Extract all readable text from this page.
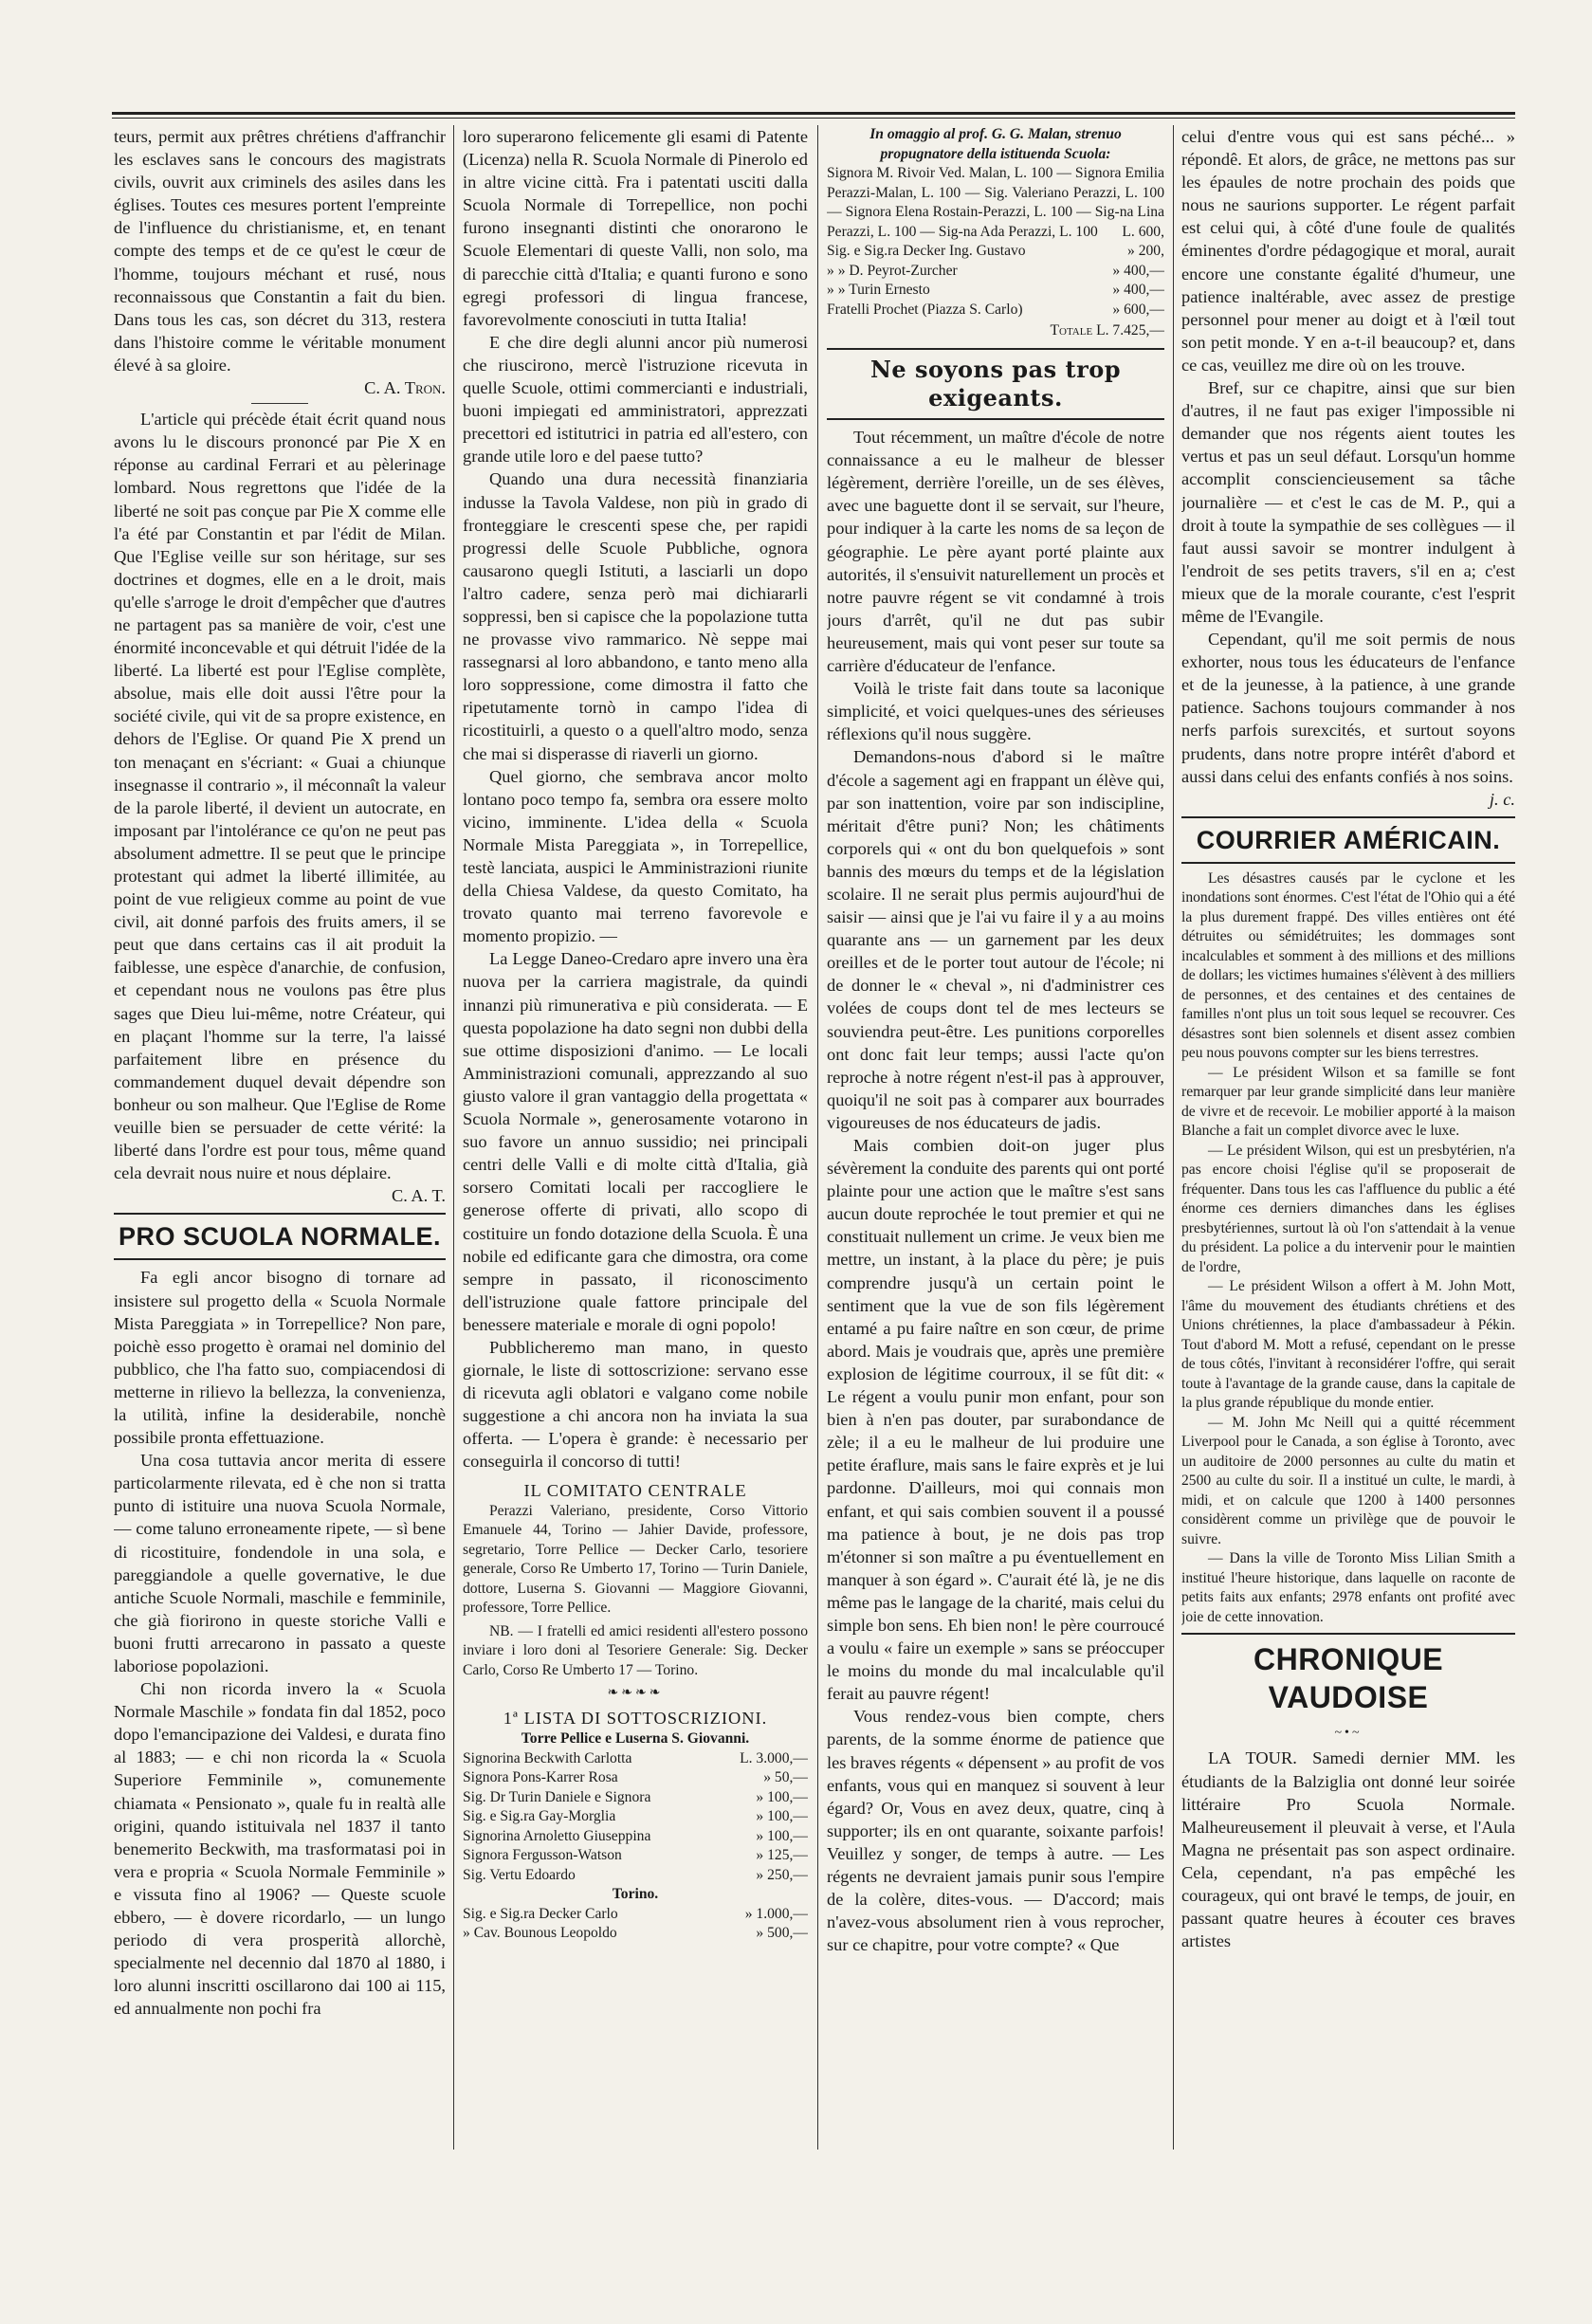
teurs, permit aux prêtres chrétiens d'affranchir les esclaves sans le concours des magistrats civils, ouvrit aux criminels des asiles dans les églises. Toutes ces mesures portent l'empreinte de l'influence du christianisme, et, en tenant compte des temps et de ce qu'est le cœur de l'homme, toujours méchant et rusé, nous reconnaissous que Constantin a fait du bien. Dans tous les cas, son décret du 313, restera dans l'histoire comme le véritable monument élevé à sa gloire.

C. A. Tron.

L'article qui précède était écrit quand nous avons lu le discours prononcé par Pie X en réponse au cardinal Ferrari et au pèlerinage lombard. Nous regrettons que l'idée de la liberté ne soit pas conçue par Pie X comme elle l'a été par Constantin et par l'édit de Milan. Que l'Eglise veille sur son héritage, sur ses doctrines et dogmes, elle en a le droit, mais qu'elle s'arroge le droit d'empêcher que d'autres ne partagent pas sa manière de voir, c'est une énormité inconcevable et qui détruit l'idée de la liberté. La liberté est pour l'Eglise complète, absolue, mais elle doit aussi l'être pour la société civile, qui vit de sa propre existence, en dehors de l'Eglise. Or quand Pie X prend un ton menaçant en s'écriant: « Guai a chiunque insegnasse il contrario », il méconnaît la valeur de la parole liberté, il devient un autocrate, en imposant par l'intolérance ce qu'on ne peut pas absolument admettre. Il se peut que le principe protestant qui admet la liberté illimitée, au point de vue religieux comme au point de vue civil, ait donné parfois des fruits amers, il se peut que dans certains cas il ait produit la faiblesse, une espèce d'anarchie, de confusion, et cependant nous ne voulons pas être plus sages que Dieu lui-même, notre Créateur, qui en plaçant l'homme sur la terre, l'a laissé parfaitement libre en présence du commandement duquel devait dépendre son bonheur ou son malheur. Que l'Eglise de Rome veuille bien se persuader de cette vérité: la liberté dans l'ordre est pour tous, même quand cela devrait nous nuire et nous déplaire.

C. A. T.

PRO SCUOLA NORMALE.

Fa egli ancor bisogno di tornare ad insistere sul progetto della « Scuola Normale Mista Pareggiata » in Torrepellice? Non pare, poichè esso progetto è oramai nel dominio del pubblico, che l'ha fatto suo, compiacendosi di metterne in rilievo la bellezza, la convenienza, la utilità, infine la desiderabile, nonchè possibile pronta effettuazione.

Una cosa tuttavia ancor merita di essere particolarmente rilevata, ed è che non si tratta punto di istituire una nuova Scuola Normale, — come taluno erroneamente ripete, — sì bene di ricostituire, fondendole in una sola, e pareggiandole a quelle governative, le due antiche Scuole Normali, maschile e femminile, che già fiorirono in queste storiche Valli e buoni frutti arrecarono in passato a queste laboriose popolazioni.

Chi non ricorda invero la « Scuola Normale Maschile » fondata fin dal 1852, poco dopo l'emancipazione dei Valdesi, e durata fino al 1883; — e chi non ricorda la « Scuola Superiore Femminile », comunemente chiamata « Pensionato », quale fu in realtà alle origini, quando istituivala nel 1837 il tanto benemerito Beckwith, ma trasformatasi poi in vera e propria « Scuola Normale Femminile » e vissuta fino al 1906? — Queste scuole ebbero, — è dovere ricordarlo, — un lungo periodo di vera prosperità allorchè, specialmente nel decennio dal 1870 al 1880, i loro alunni inscritti oscillarono dai 100 ai 115, ed annualmente non pochi fra

loro superarono felicemente gli esami di Patente (Licenza) nella R. Scuola Normale di Pinerolo ed in altre vicine città. Fra i patentati usciti dalla Scuola Normale di Torrepellice, non pochi furono insegnanti distinti che onorarono le Scuole Elementari di queste Valli, non solo, ma di parecchie città d'Italia; e quanti furono e sono egregi professori di lingua francese, favorevolmente conosciuti in tutta Italia!

E che dire degli alunni ancor più numerosi che riuscirono, mercè l'istruzione ricevuta in quelle Scuole, ottimi commercianti e industriali, buoni impiegati ed amministratori, apprezzati precettori ed istitutrici in patria ed all'estero, con grande utile loro e del paese tutto?

Quando una dura necessità finanziaria indusse la Tavola Valdese, non più in grado di fronteggiare le crescenti spese che, per rapidi progressi delle Scuole Pubbliche, ognora causarono quegli Istituti, a lasciarli un dopo l'altro cadere, senza però mai dichiararli soppressi, ben si capisce che la popolazione tutta ne provasse vivo rammarico. Nè seppe mai rassegnarsi al loro abbandono, e tanto meno alla loro soppressione, come dimostra il fatto che ripetutamente tornò in campo l'idea di ricostituirli, a questo o a quell'altro modo, senza che mai si disperasse di riaverli un giorno.

Quel giorno, che sembrava ancor molto lontano poco tempo fa, sembra ora essere molto vicino, imminente. L'idea della « Scuola Normale Mista Pareggiata », in Torrepellice, testè lanciata, auspici le Amministrazioni riunite della Chiesa Valdese, da questo Comitato, ha trovato quanto mai terreno favorevole e momento propizio. —

La Legge Daneo-Credaro apre invero una èra nuova per la carriera magistrale, da quindi innanzi più rimunerativa e più considerata. — E questa popolazione ha dato segni non dubbi della sue ottime disposizioni d'animo. — Le locali Amministrazioni comunali, apprezzando al suo giusto valore il gran vantaggio della progettata « Scuola Normale », generosamente votarono in suo favore un annuo sussidio; nei principali centri delle Valli e di molte città d'Italia, già sorsero Comitati locali per raccogliere le generose offerte di privati, allo scopo di costituire un fondo dotazione della Scuola. È una nobile ed edificante gara che dimostra, ora come sempre in passato, il riconoscimento dell'istruzione quale fattore principale del benessere materiale e morale di ogni popolo!

Pubblicheremo man mano, in questo giornale, le liste di sottoscrizione: servano esse di ricevuta agli oblatori e valgano come nobile suggestione a chi ancora non ha inviata la sua offerta. — L'opera è grande: è necessario per conseguirla il concorso di tutti!

IL COMITATO CENTRALE

Perazzi Valeriano, presidente, Corso Vittorio Emanuele 44, Torino — Jahier Davide, professore, segretario, Torre Pellice — Decker Carlo, tesoriere generale, Corso Re Umberto 17, Torino — Turin Daniele, dottore, Luserna S. Giovanni — Maggiore Giovanni, professore, Torre Pellice.

NB. — I fratelli ed amici residenti all'estero possono inviare i loro doni al Tesoriere Generale: Sig. Decker Carlo, Corso Re Umberto 17 — Torino.

❧❧❧❧

1ª LISTA DI SOTTOSCRIZIONI.

Torre Pellice e Luserna S. Giovanni.

Signorina Beckwith Carlotta	L. 3.000,—
Signora Pons-Karrer Rosa	» 50,—
Sig. Dr Turin Daniele e Signora	» 100,—
Sig. e Sig.ra Gay-Morglia	» 100,—
Signorina Arnoletto Giuseppina	» 100,—
Signora Fergusson-Watson	» 125,—
Sig. Vertu Edoardo	» 250,—

Torino.

Sig. e Sig.ra Decker Carlo	» 1.000,—
» Cav. Bounous Leopoldo	» 500,—

In omaggio al prof. G. G. Malan, strenuo propugnatore della istituenda Scuola:

Signora M. Rivoir Ved. Malan, L. 100 — Signora Emilia Perazzi-Malan, L. 100 — Sig. Valeriano Perazzi, L. 100 — Signora Elena Rostain-Perazzi, L. 100 — Sig-na Lina Perazzi, L. 100 — Sig-na Ada Perazzi, L. 100 L. 600,

Sig. e Sig.ra Decker Ing. Gustavo	» 200,
» » D. Peyrot-Zurcher	» 400,—
» » Turin Ernesto	» 400,—
Fratelli Prochet (Piazza S. Carlo)	» 600,—
Totale L. 7.425,—
Ne soyons pas trop exigeants.

Tout récemment, un maître d'école de notre connaissance a eu le malheur de blesser légèrement, derrière l'oreille, un de ses élèves, avec une baguette dont il se servait, sur l'heure, pour indiquer à la carte les noms de sa leçon de géographie. Le père ayant porté plainte aux autorités, il s'ensuivit naturellement un procès et notre pauvre régent se vit condamné à trois jours d'arrêt, qu'il ne dut pas subir heureusement, mais qui vont peser sur toute sa carrière d'éducateur de l'enfance.

Voilà le triste fait dans toute sa laconique simplicité, et voici quelques-unes des sérieuses réflexions qu'il nous suggère.

Demandons-nous d'abord si le maître d'école a sagement agi en frappant un élève qui, par son inattention, voire par son indiscipline, méritait d'être puni? Non; les châtiments corporels qui « ont du bon quelquefois » sont bannis des mœurs du temps et de la législation scolaire. Il ne serait plus permis aujourd'hui de saisir — ainsi que je l'ai vu faire il y a au moins quarante ans — un garnement par les deux oreilles et de le porter tout autour de l'école; ni de donner le « cheval », ni d'administrer ces volées de coups dont tel de mes lecteurs se souviendra peut-être. Les punitions corporelles ont donc fait leur temps; aussi l'acte qu'on reproche à notre régent n'est-il pas à approuver, quoiqu'il ne soit pas à comparer aux bourrades vigoureuses de nos éducateurs de jadis.

Mais combien doit-on juger plus sévèrement la conduite des parents qui ont porté plainte pour une action que le maître s'est sans aucun doute reprochée le tout premier et qui ne constituait nullement un crime. Je veux bien me mettre, un instant, à la place du père; je puis comprendre jusqu'à un certain point le sentiment que la vue de son fils légèrement entamé a pu faire naître en son cœur, de prime abord. Mais je voudrais que, après une première explosion de légitime courroux, il se fût dit: « Le régent a voulu punir mon enfant, pour son bien à n'en pas douter, par surabondance de zèle; il a eu le malheur de lui produire une petite éraflure, mais sans le faire exprès et je lui pardonne. D'ailleurs, moi qui connais mon enfant, et qui sais combien souvent il a poussé ma patience à bout, je ne dois pas trop m'étonner si son maître a pu éventuellement en manquer à son égard ». C'aurait été là, je ne dis même pas le langage de la charité, mais celui du simple bon sens. Eh bien non! le père courroucé a voulu « faire un exemple » sans se préoccuper le moins du monde du mal incalculable qu'il ferait au pauvre régent!

Vous rendez-vous bien compte, chers parents, de la somme énorme de patience que les braves régents « dépensent » au profit de vos enfants, vous qui en manquez si souvent à leur égard? Or, Vous en avez deux, quatre, cinq à supporter; ils en ont quarante, soixante parfois! Veuillez y songer, de temps à autre. — Les régents ne devraient jamais punir sous l'empire de la colère, dites-vous. — D'accord; mais n'avez-vous absolument rien à vous reprocher, sur ce chapitre, pour votre compte? « Que

celui d'entre vous qui est sans péché... » répondê. Et alors, de grâce, ne mettons pas sur les épaules de notre prochain des poids que nous ne saurions supporter. Le régent parfait est celui qui, à côté d'une foule de qualités éminentes d'ordre pédagogique et moral, aurait encore une constante égalité d'humeur, une patience inaltérable, avec assez de prestige personnel pour mener au doigt et à l'œil tout son petit monde. Y en a-t-il beaucoup? et, dans ce cas, veuillez me dire où on les trouve.

Bref, sur ce chapitre, ainsi que sur bien d'autres, il ne faut pas exiger l'impossible ni demander que nos régents aient toutes les vertus et pas un seul défaut. Lorsqu'un homme accomplit consciencieusement sa tâche journalière — et c'est le cas de M. P., qui a droit à toute la sympathie de ses collègues — il faut aussi savoir se montrer indulgent à l'endroit de ses petits travers, s'il en a; c'est mieux que de la morale courante, c'est l'esprit même de l'Evangile.

Cependant, qu'il me soit permis de nous exhorter, nous tous les éducateurs de l'enfance et de la jeunesse, à la patience, à une grande patience. Sachons toujours commander à nos nerfs parfois surexcités, et surtout soyons prudents, dans notre propre intérêt d'abord et aussi dans celui des enfants confiés à nos soins.

j. c.

COURRIER AMÉRICAIN.

Les désastres causés par le cyclone et les inondations sont énormes. C'est l'état de l'Ohio qui a été la plus durement frappé. Des villes entières ont été détruites ou sémidétruites; les dommages sont incalculables et somment à des millions et des millions de dollars; les victimes humaines s'élèvent à des milliers de personnes, et des centaines et des centaines de familles n'ont plus un toit sous lequel se recouvrer. Ces désastres sont bien solennels et disent assez combien peu nous pouvons compter sur les biens terrestres.

— Le président Wilson et sa famille se font remarquer par leur grande simplicité dans leur manière de vivre et de recevoir. Le mobilier apporté à la maison Blanche a fait un complet divorce avec le luxe.

— Le président Wilson, qui est un presbytérien, n'a pas encore choisi l'église qu'il se proposerait de fréquenter. Dans tous les cas l'affluence du public a été énorme ces derniers dimanches dans les églises presbytériennes, surtout là où l'on s'attendait à la venue du président. La police a du intervenir pour le maintien de l'ordre,

— Le président Wilson a offert à M. John Mott, l'âme du mouvement des étudiants chrétiens et des Unions chrétiennes, la place d'ambassadeur à Pékin. Tout d'abord M. Mott a refusé, cependant on le presse de tous côtés, l'invitant à reconsidérer l'offre, qui serait toute à l'avantage de la grande cause, dans la capitale de la plus grande république du monde entier.

— M. John Mc Neill qui a quitté récemment Liverpool pour le Canada, a son église à Toronto, avec un auditoire de 2000 personnes au culte du matin et 2500 au culte du soir. Il a institué un culte, le mardi, à midi, et on calcule que 1200 à 1400 personnes considèrent comme un privilège que de pouvoir le suivre.

— Dans la ville de Toronto Miss Lilian Smith a institué l'heure historique, dans laquelle on raconte de petits faits aux enfants; 2978 enfants ont profité avec joie de cette innovation.

CHRONIQUE VAUDOISE
~•~

LA TOUR. Samedi dernier MM. les étudiants de la Balziglia ont donné leur soirée littéraire Pro Scuola Normale. Malheureusement il pleuvait à verse, et l'Aula Magna ne présentait pas son aspect ordinaire. Cela, cependant, n'a pas empêché les courageux, qui ont bravé le temps, de jouir, en passant quatre heures à écouter ces braves artistes
